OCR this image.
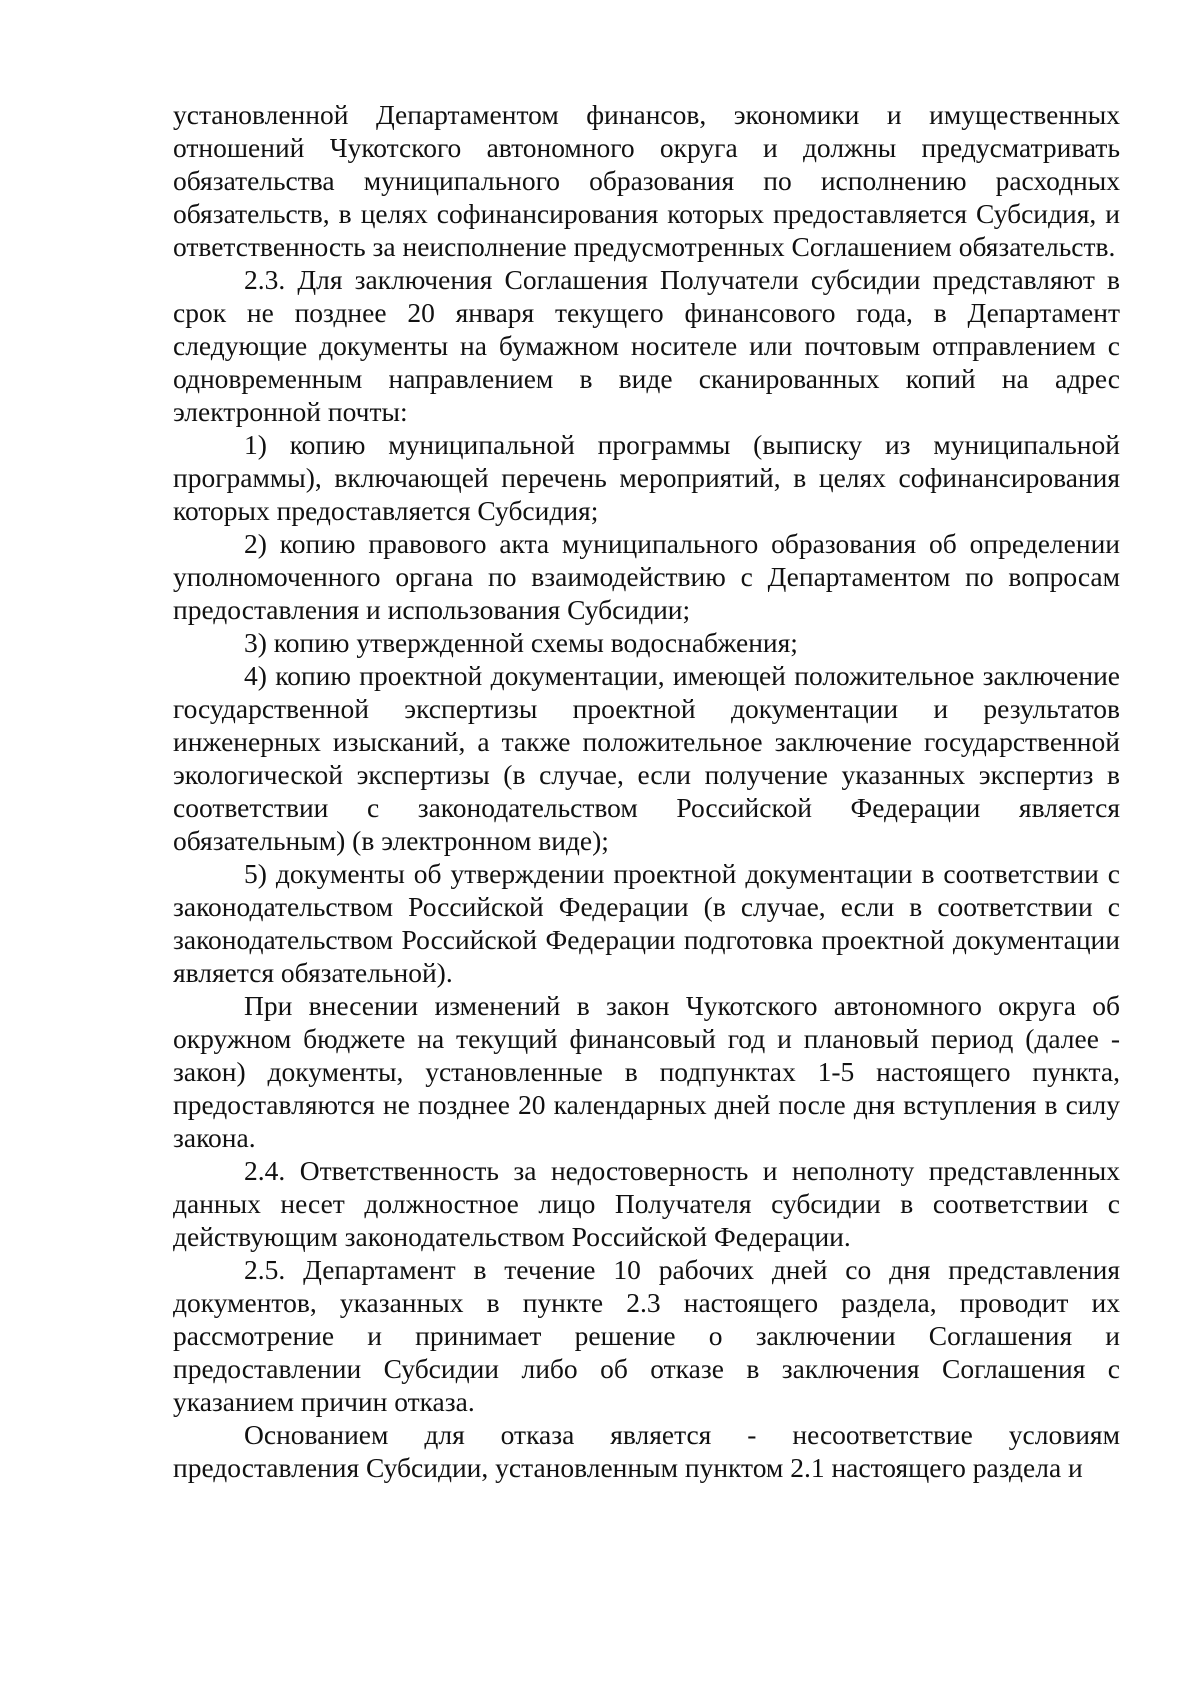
установленной Департаментом финансов, экономики и имущественных отношений Чукотского автономного округа и должны предусматривать обязательства муниципального образования по исполнению расходных обязательств, в целях софинансирования которых предоставляется Субсидия, и ответственность за неисполнение предусмотренных Соглашением обязательств.

2.3. Для заключения Соглашения Получатели субсидии представляют в срок не позднее 20 января текущего финансового года, в Департамент следующие документы на бумажном носителе или почтовым отправлением с одновременным направлением в виде сканированных копий на адрес электронной почты:

1) копию муниципальной программы (выписку из муниципальной программы), включающей перечень мероприятий, в целях софинансирования которых предоставляется Субсидия;

2) копию правового акта муниципального образования об определении уполномоченного органа по взаимодействию с Департаментом по вопросам предоставления и использования Субсидии;

3) копию утвержденной схемы водоснабжения;

4) копию проектной документации, имеющей положительное заключение государственной экспертизы проектной документации и результатов инженерных изысканий, а также положительное заключение государственной экологической экспертизы (в случае, если получение указанных экспертиз в соответствии с законодательством Российской Федерации является обязательным) (в электронном виде);

5) документы об утверждении проектной документации в соответствии с законодательством Российской Федерации (в случае, если в соответствии с законодательством Российской Федерации подготовка проектной документации является обязательной).

При внесении изменений в закон Чукотского автономного округа об окружном бюджете на текущий финансовый год и плановый период (далее - закон) документы, установленные в подпунктах 1-5 настоящего пункта, предоставляются не позднее 20 календарных дней после дня вступления в силу закона.

2.4. Ответственность за недостоверность и неполноту представленных данных несет должностное лицо Получателя субсидии в соответствии с действующим законодательством Российской Федерации.

2.5. Департамент в течение 10 рабочих дней со дня представления документов, указанных в пункте 2.3 настоящего раздела, проводит их рассмотрение и принимает решение о заключении Соглашения и предоставлении Субсидии либо об отказе в заключения Соглашения с указанием причин отказа.

Основанием для отказа является - несоответствие условиям предоставления Субсидии, установленным пунктом 2.1 настоящего раздела и
